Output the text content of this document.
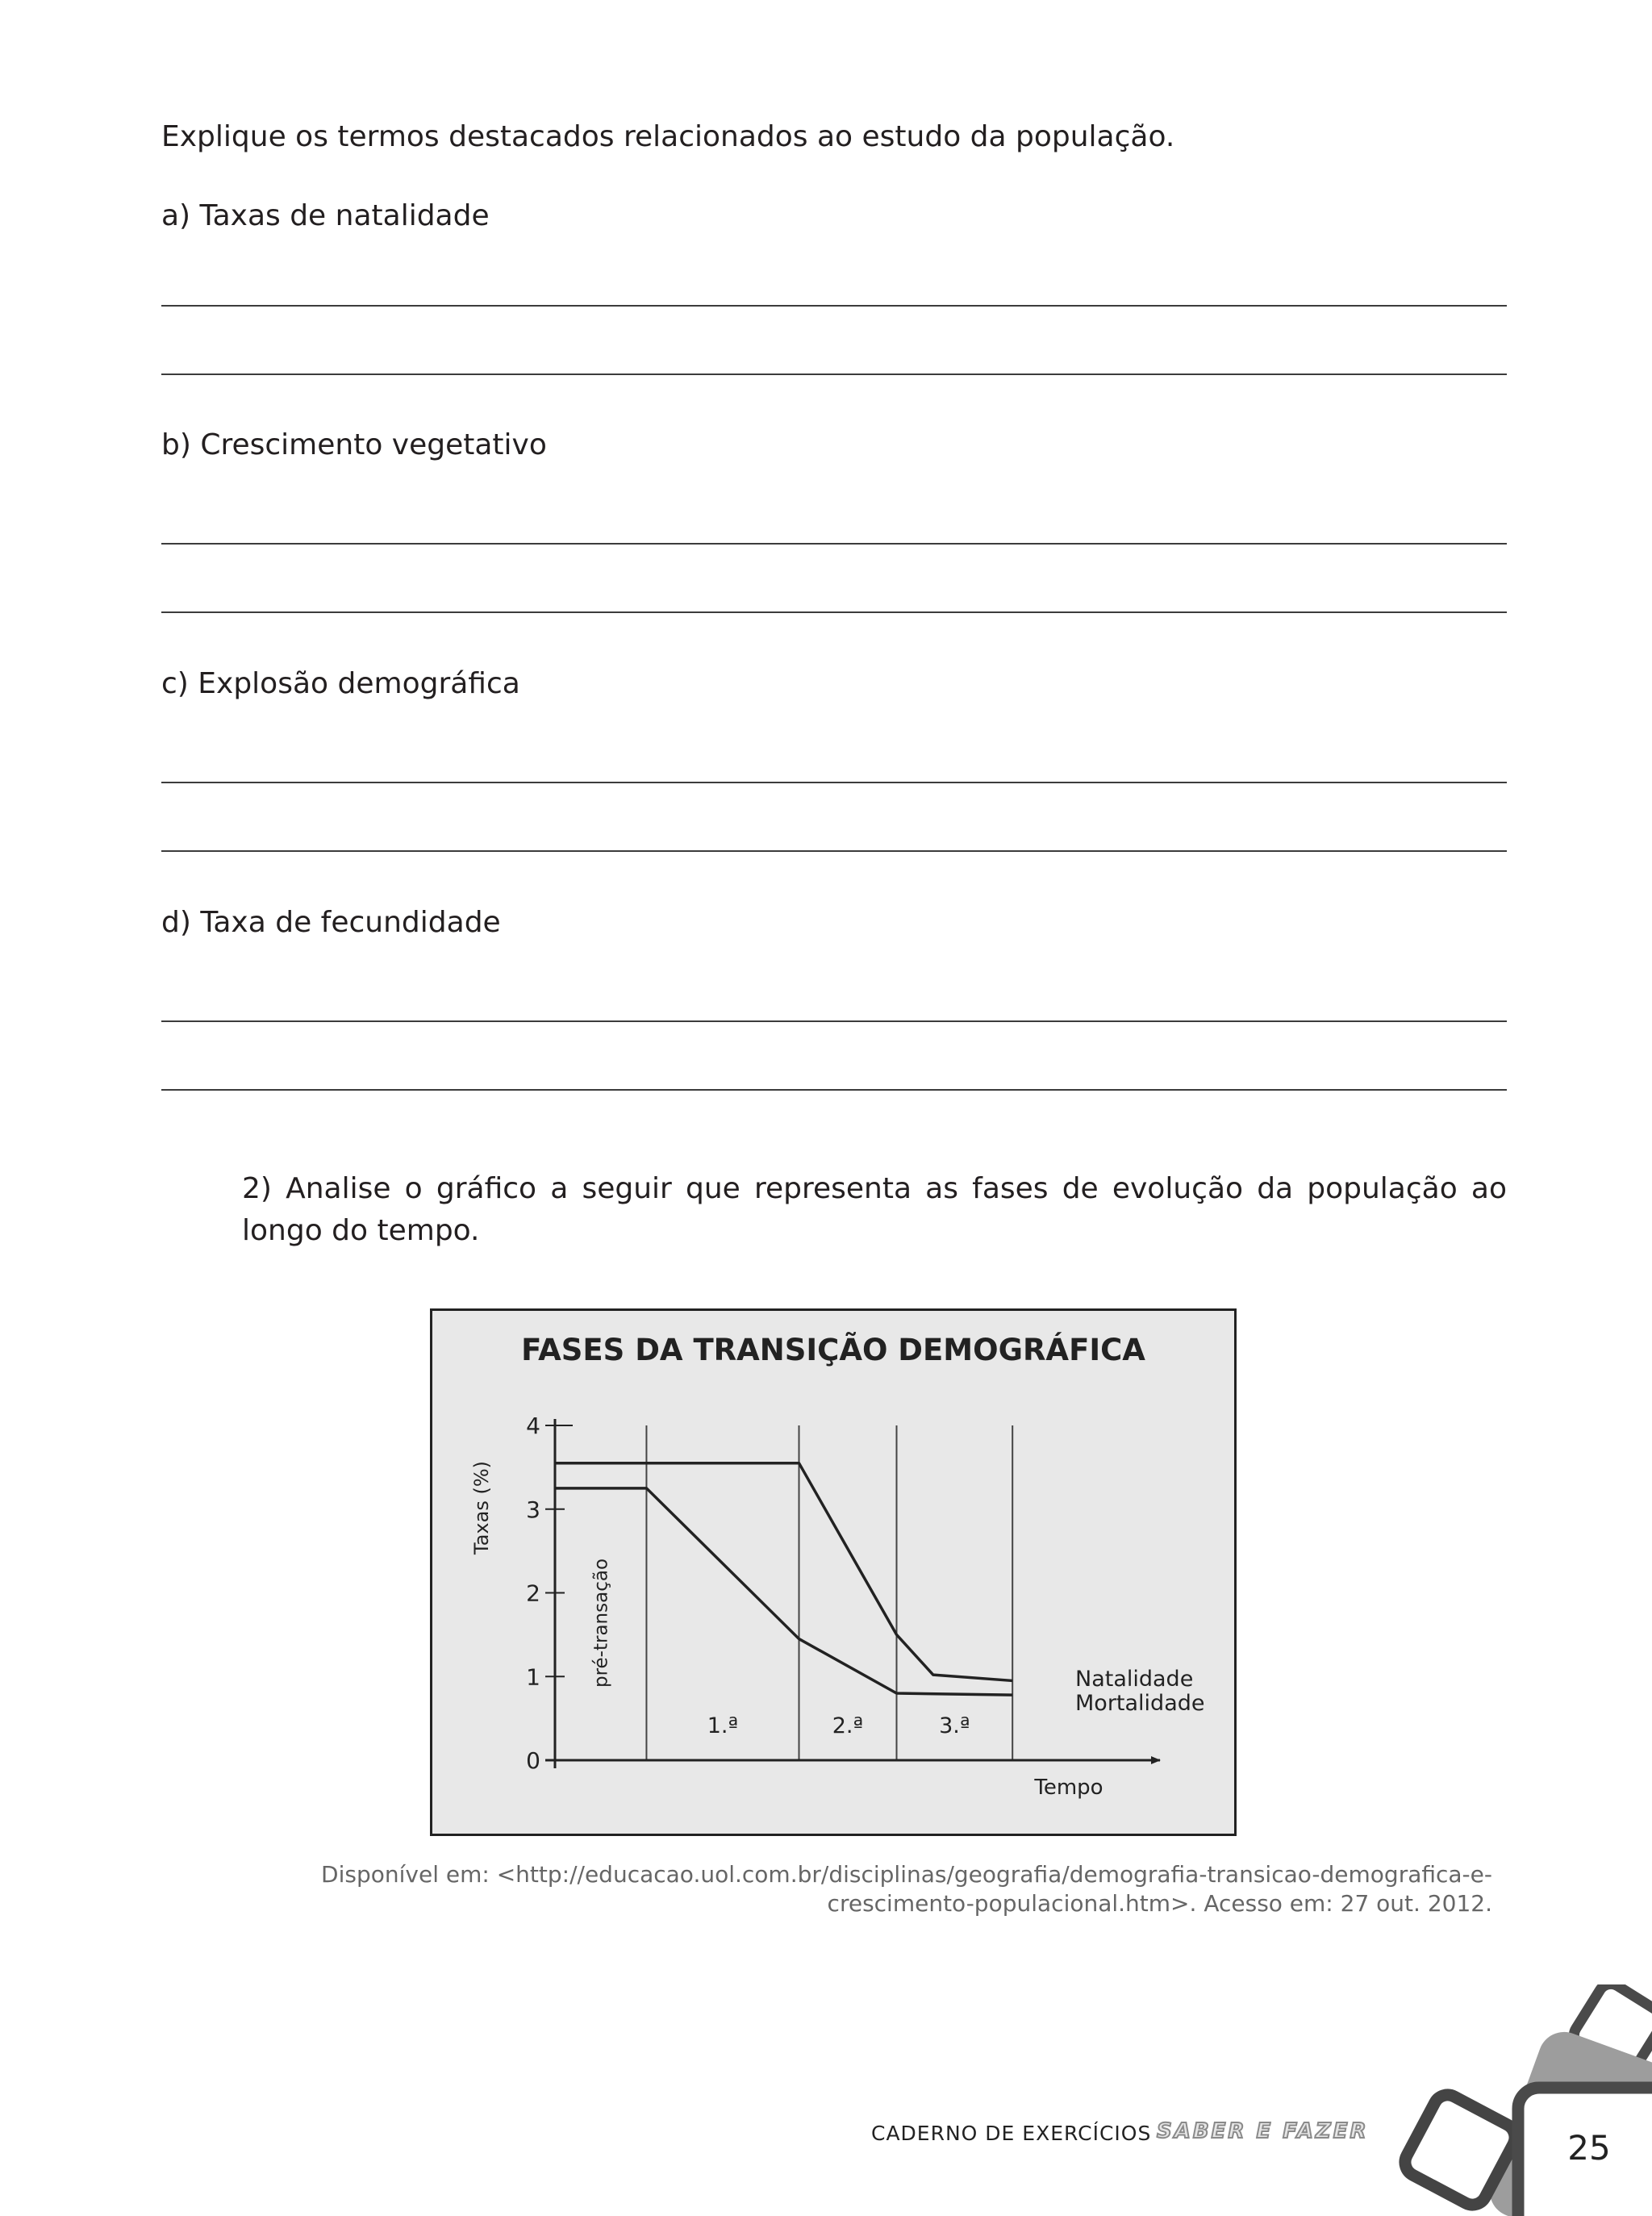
Explique os termos destacados relacionados ao estudo da população.
a) Taxas de natalidade
b) Crescimento vegetativo
c) Explosão demográfica
d) Taxa de fecundidade
2) Analise o gráfico a seguir que representa as fases de evolução da população ao longo do tempo.
FASES DA TRANSIÇÃO DEMOGRÁFICA
0
1
2
3
4
pré-transação
1.ª	2.ª	3.ª
Natalidade
Mortalidade
Taxas (%)
Tempo
Disponível em: <http://educacao.uol.com.br/disciplinas/geografia/demografia-transicao-demografica-e-
crescimento-populacional.htm>. Acesso em: 27 out. 2012.
CADERNO DE EXERCÍCIOS SABER E FAZER	25
